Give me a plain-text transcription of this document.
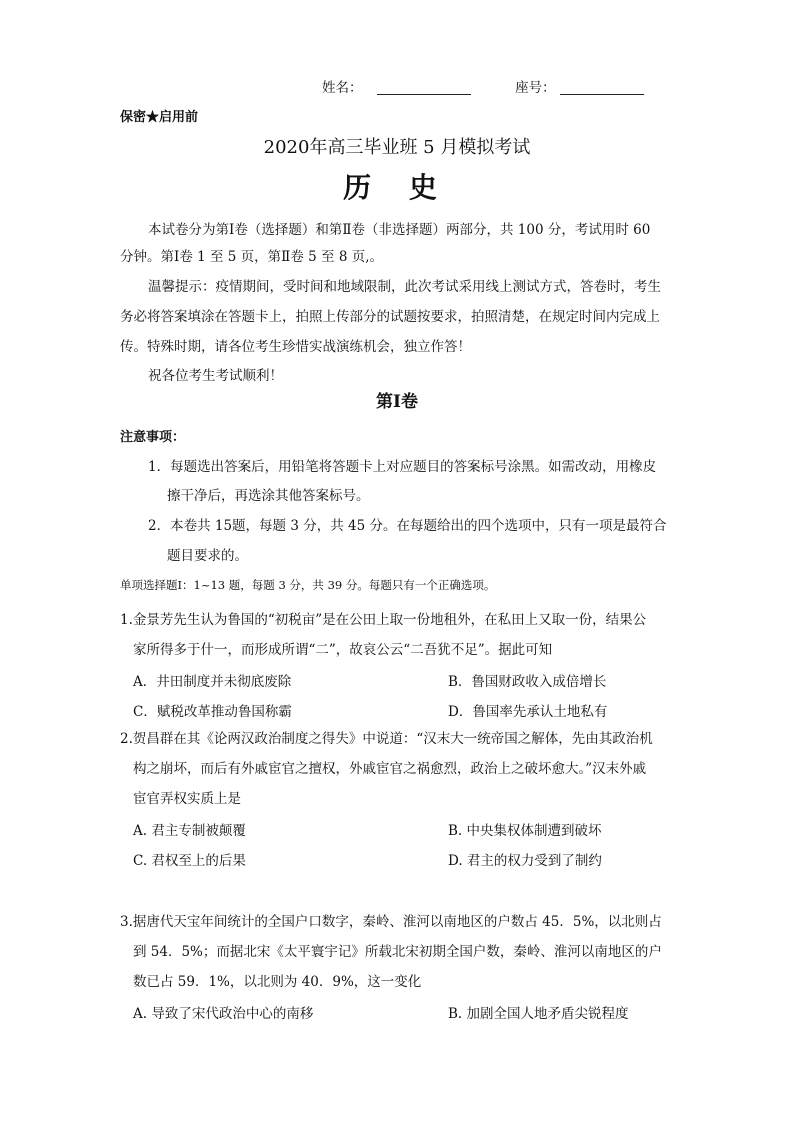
姓名：	座号：
保密★启用前
2020年高三毕业班 5 月模拟考试
历 史
本试卷分为第Ⅰ卷（选择题）和第Ⅱ卷（非选择题）两部分，共 100 分，考试用时 60
分钟。第Ⅰ卷 1 至 5 页，第Ⅱ卷 5 至 8 页,。
温馨提示：疫情期间，受时间和地域限制，此次考试采用线上测试方式，答卷时，考生
务必将答案填涂在答题卡上，拍照上传部分的试题按要求，拍照清楚，在规定时间内完成上
传。特殊时期，请各位考生珍惜实战演练机会，独立作答！
祝各位考生考试顺利！
第Ⅰ卷
注意事项：
1．每题选出答案后，用铅笔将答题卡上对应题目的答案标号涂黑。如需改动，用橡皮
擦干净后，再选涂其他答案标号。
2．本卷共 15题，每题 3 分，共 45 分。在每题给出的四个选项中，只有一项是最符合
题目要求的。
单项选择题Ⅰ：1~13 题，每题 3 分，共 39 分。每题只有一个正确选项。
1.金景芳先生认为鲁国的“初税亩”是在公田上取一份地租外，在私田上又取一份，结果公
家所得多于什一，而形成所谓“二”，故哀公云“二吾犹不足”。据此可知
A．井田制度并未彻底废除	B．鲁国财政收入成倍增长
C．赋税改革推动鲁国称霸	D．鲁国率先承认土地私有
2.贺昌群在其《论两汉政治制度之得失》中说道：“汉末大一统帝国之解体，先由其政治机
构之崩坏，而后有外戚宦官之擅权，外戚宦官之祸愈烈，政治上之破坏愈大。”汉末外戚
宦官弄权实质上是
A. 君主专制被颠覆	B. 中央集权体制遭到破坏
C. 君权至上的后果	D. 君主的权力受到了制约
3.据唐代天宝年间统计的全国户口数字，秦岭、淮河以南地区的户数占 45．5%，以北则占
到 54．5%；而据北宋《太平寰宇记》所载北宋初期全国户数，秦岭、淮河以南地区的户
数已占 59．1%，以北则为 40．9%，这一变化
A. 导致了宋代政治中心的南移	B. 加剧全国人地矛盾尖锐程度
